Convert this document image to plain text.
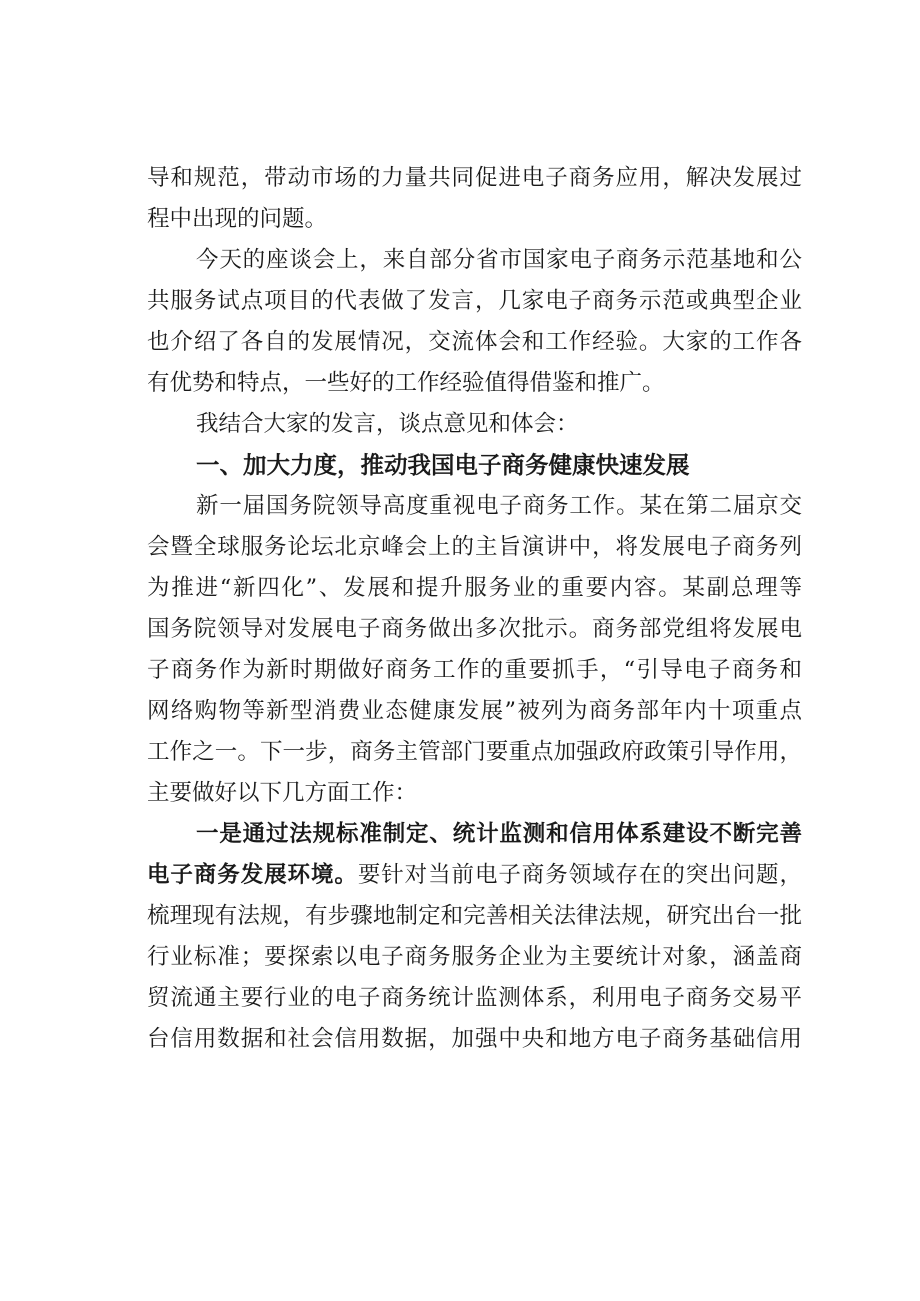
导和规范，带动市场的力量共同促进电子商务应用，解决发展过
程中出现的问题。
今天的座谈会上，来自部分省市国家电子商务示范基地和公
共服务试点项目的代表做了发言，几家电子商务示范或典型企业
也介绍了各自的发展情况，交流体会和工作经验。大家的工作各
有优势和特点，一些好的工作经验值得借鉴和推广。
我结合大家的发言，谈点意见和体会：
一、加大力度，推动我国电子商务健康快速发展
新一届国务院领导高度重视电子商务工作。某在第二届京交
会暨全球服务论坛北京峰会上的主旨演讲中，将发展电子商务列
为推进“新四化”、发展和提升服务业的重要内容。某副总理等
国务院领导对发展电子商务做出多次批示。商务部党组将发展电
子商务作为新时期做好商务工作的重要抓手，“引导电子商务和
网络购物等新型消费业态健康发展”被列为商务部年内十项重点
工作之一。下一步，商务主管部门要重点加强政府政策引导作用，
主要做好以下几方面工作：
一是通过法规标准制定、统计监测和信用体系建设不断完善
电子商务发展环境。要针对当前电子商务领域存在的突出问题，
梳理现有法规，有步骤地制定和完善相关法律法规，研究出台一批
行业标准；要探索以电子商务服务企业为主要统计对象，涵盖商
贸流通主要行业的电子商务统计监测体系，利用电子商务交易平
台信用数据和社会信用数据，加强中央和地方电子商务基础信用
